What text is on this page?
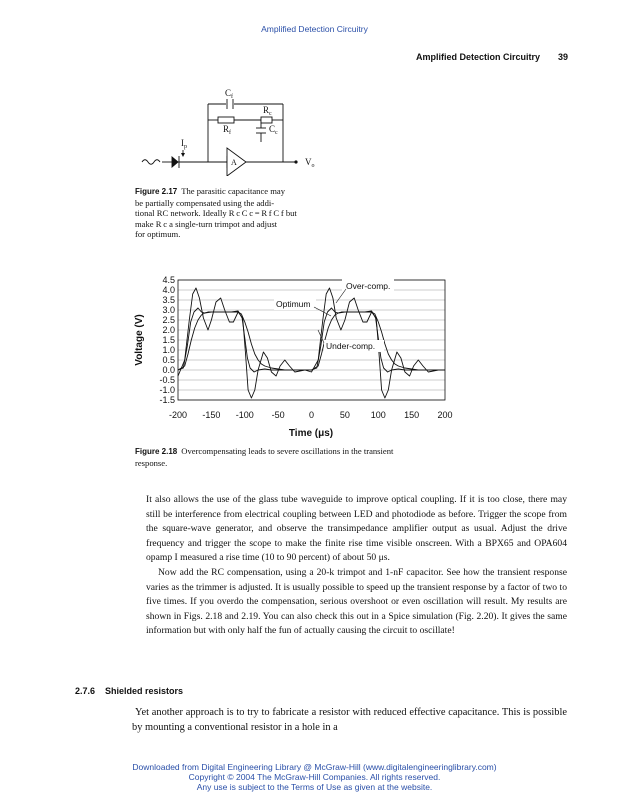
Amplified Detection Circuitry
Amplified Detection Circuitry 39
$C_f$
$R_c$
$R_f$	$C_c$
$I_p$
A	$V_o$
Figure 2.17 The parasitic capacitance may
be partially compensated using the addi-
tional RC network. Ideally R c C c = R f C f but
make R c a single-turn trimpot and adjust
for optimum.
4.5
4.0
3.5
3.0
2.5
2.0
1.5
1.0
0.5
0.0
-0.5
-1.0
-1.5
-200 -150 -100 -50	0	50 100 150 200
Over-comp.
Optimum
Under-comp.
Voltage (V)
Time (μs)
Figure 2.18 Overcompensating leads to severe oscillations in the transient
response.

It also allows the use of the glass tube waveguide to improve optical coupling. If it is too close, there may still be interference from electrical coupling between LED and photodiode as before. Trigger the scope from the square-wave generator, and observe the transimpedance amplifier output as usual. Adjust the drive frequency and trigger the scope to make the finite rise time visible onscreen. With a BPX65 and OPA604 opamp I measured a rise time (10 to 90 percent) of about 50 μs.

Now add the RC compensation, using a 20-k trimpot and 1-nF capacitor. See how the transient response varies as the trimmer is adjusted. It is usually possible to speed up the transient response by a factor of two to five times. If you overdo the compensation, serious overshoot or even oscillation will result. My results are shown in Figs. 2.18 and 2.19. You can also check this out in a Spice simulation (Fig. 2.20). It gives the same information but with only half the fun of actually causing the circuit to oscillate!

2.7.6 Shielded resistors

Yet another approach is to try to fabricate a resistor with reduced effective capacitance. This is possible by mounting a conventional resistor in a hole in a

Downloaded from Digital Engineering Library @ McGraw-Hill (www.digitalengineeringlibrary.com)
Copyright © 2004 The McGraw-Hill Companies. All rights reserved.
Any use is subject to the Terms of Use as given at the website.
